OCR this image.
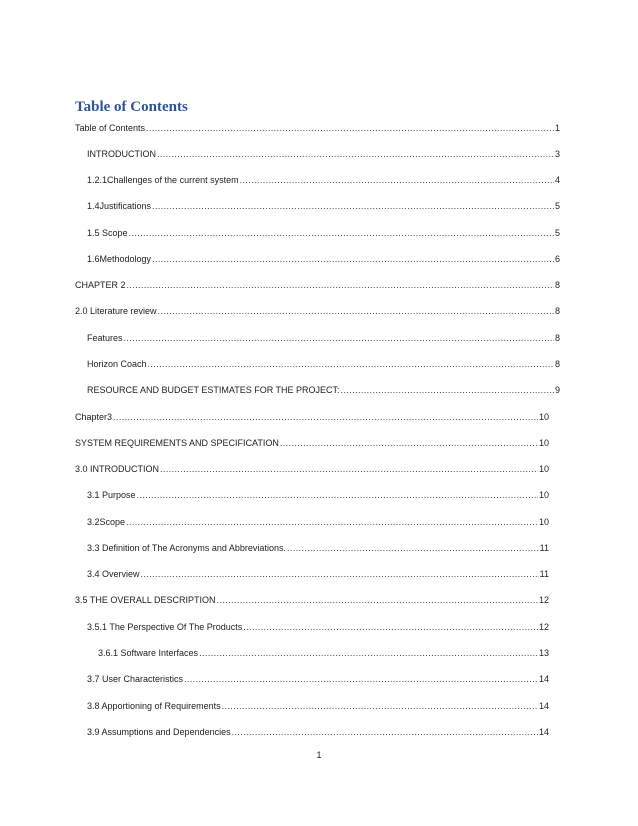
Table of Contents
Table of Contents .....	1
INTRODUCTION .....	3
1.2.1Challenges of the current system .....	4
1.4Justifications .....	5
1.5 Scope .....	5
1.6Methodology .....	6
CHAPTER 2 .....	8
2.0 Literature review .....	8
Features .....	8
Horizon Coach .....	8
RESOURCE AND BUDGET ESTIMATES FOR THE PROJECT: .....	9
Chapter3 .....	10
SYSTEM REQUIREMENTS AND SPECIFICATION .....	10
3.0 INTRODUCTION .....	10
3.1 Purpose .....	10
3.2Scope .....	10
3.3 Definition of The Acronyms and Abbreviations. .....	11
3.4 Overview .....	11
3.5 THE OVERALL DESCRIPTION .....	12
3.5.1 The Perspective Of The Products .....	12
3.6.1 Software Interfaces .....	13
3.7 User Characteristics .....	14
3.8 Apportioning of Requirements .....	14
3.9 Assumptions and Dependencies .....	14
1
